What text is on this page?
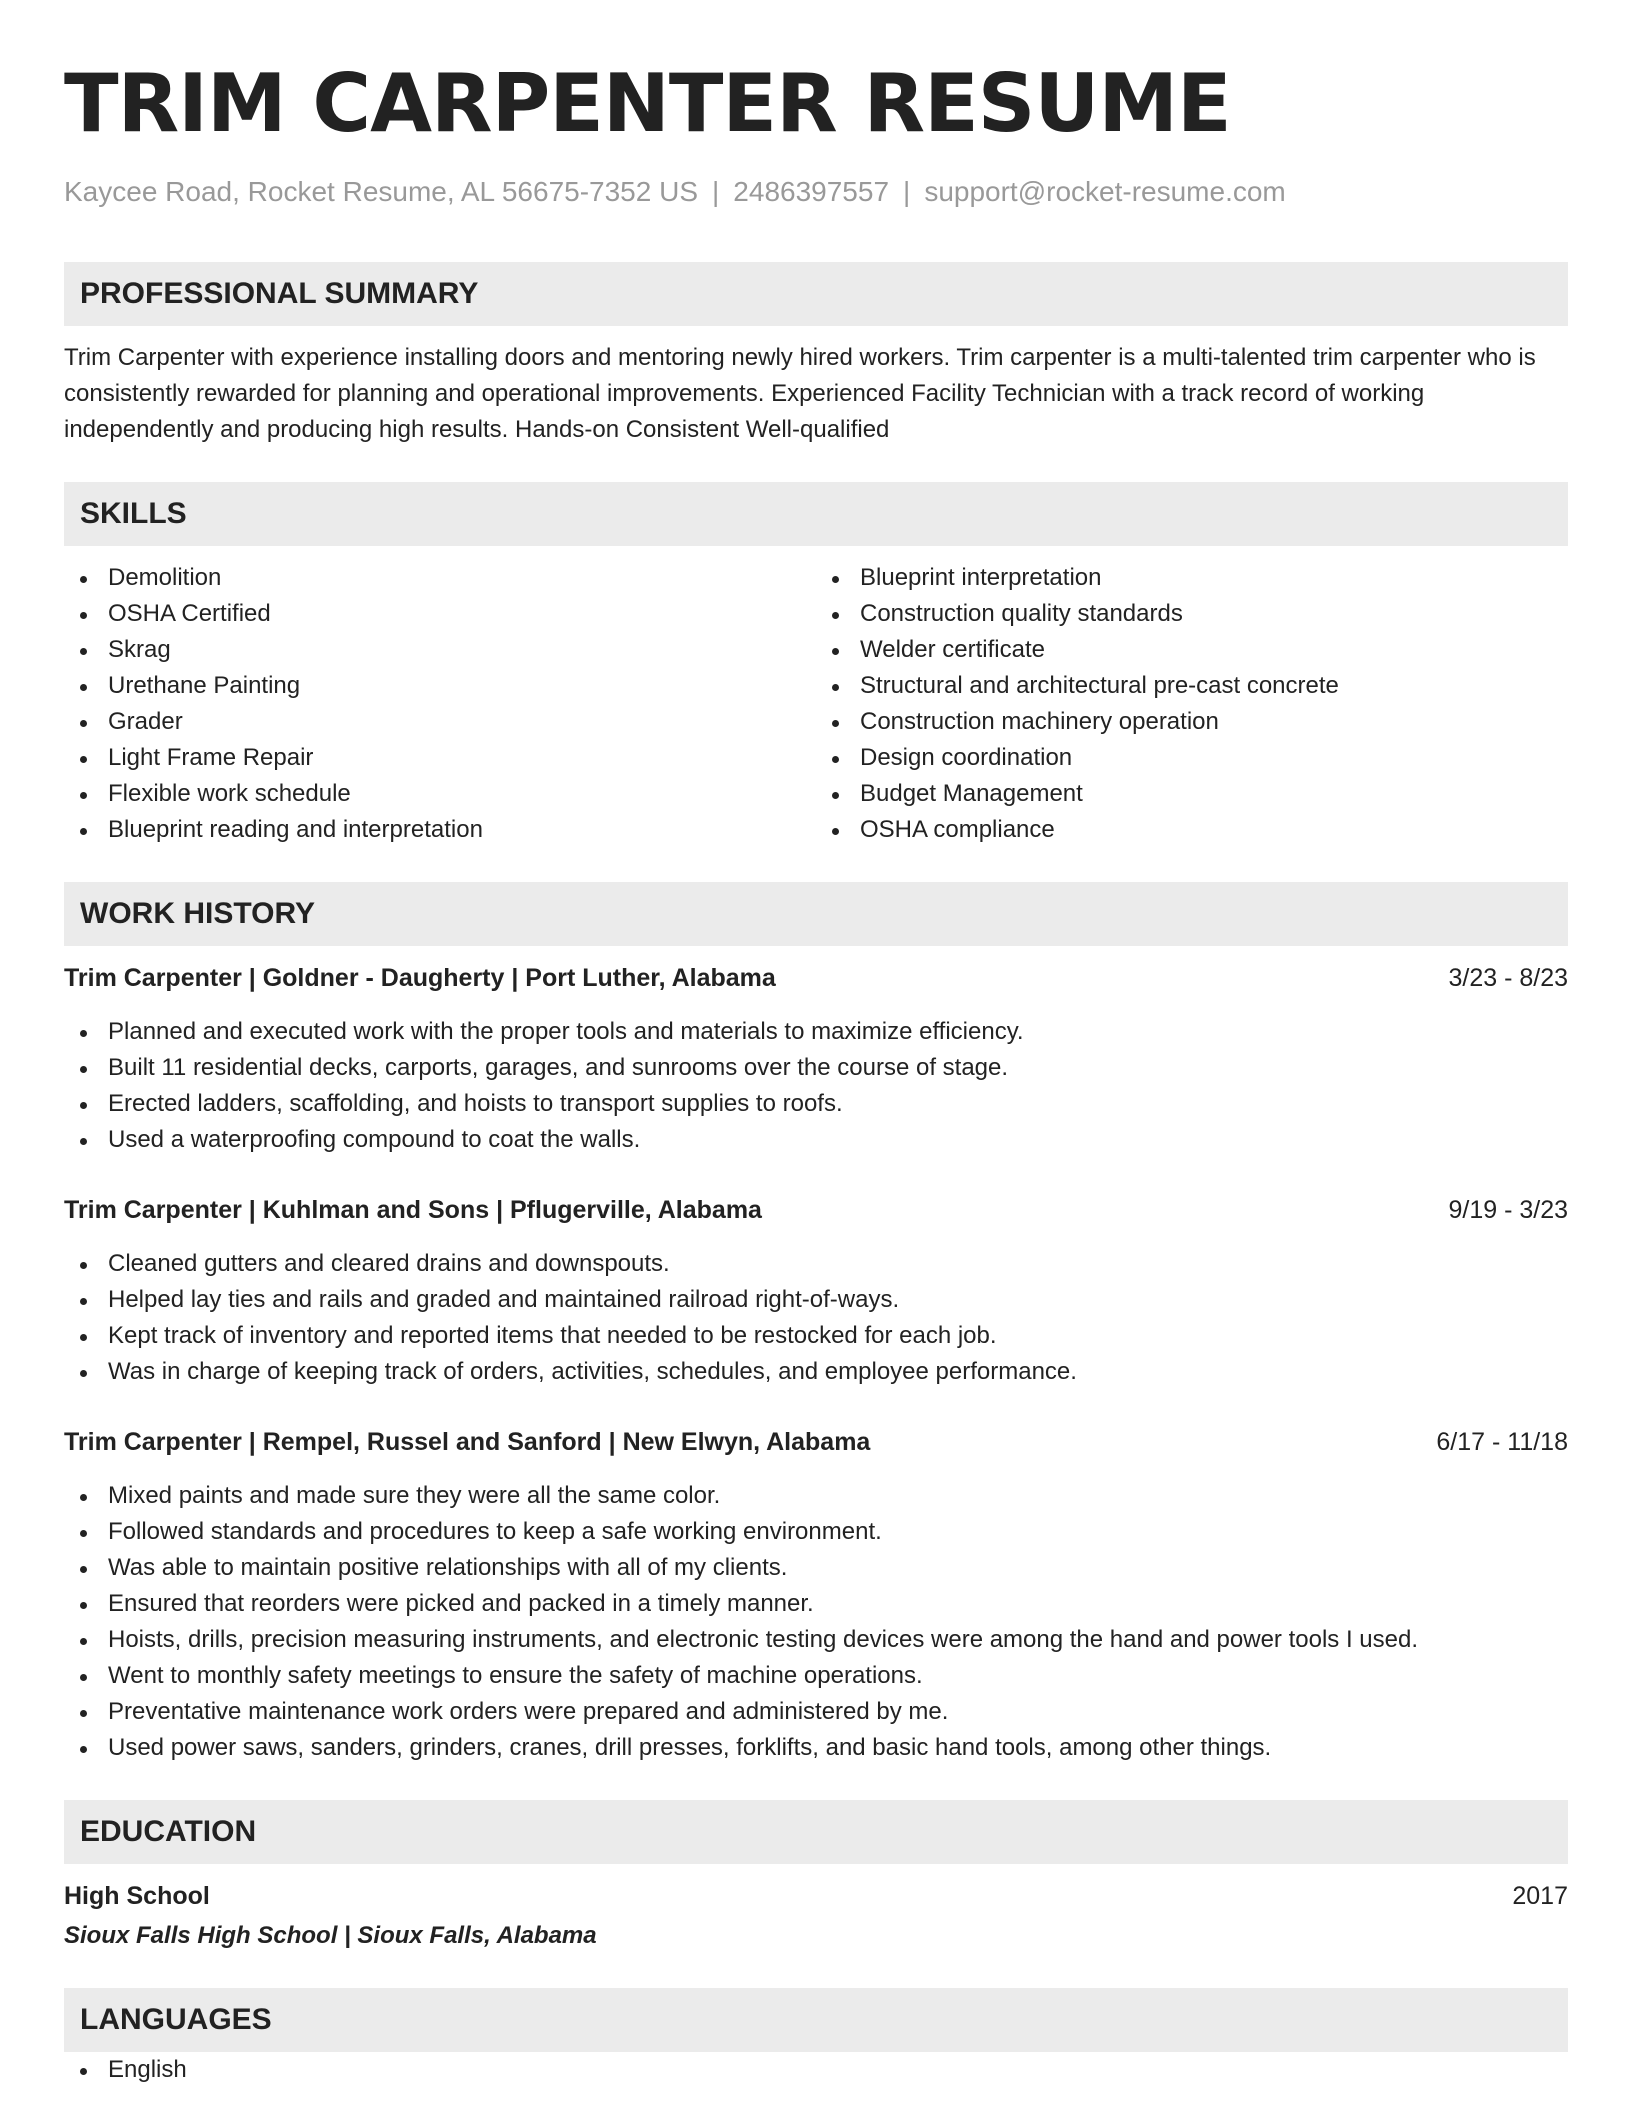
TRIM CARPENTER RESUME
Kaycee Road, Rocket Resume, AL 56675-7352 US | 2486397557 | support@rocket-resume.com
PROFESSIONAL SUMMARY
Trim Carpenter with experience installing doors and mentoring newly hired workers. Trim carpenter is a multi-talented trim carpenter who is consistently rewarded for planning and operational improvements. Experienced Facility Technician with a track record of working independently and producing high results. Hands-on Consistent Well-qualified
SKILLS
Demolition
OSHA Certified
Skrag
Urethane Painting
Grader
Light Frame Repair
Flexible work schedule
Blueprint reading and interpretation
Blueprint interpretation
Construction quality standards
Welder certificate
Structural and architectural pre-cast concrete
Construction machinery operation
Design coordination
Budget Management
OSHA compliance
WORK HISTORY
Trim Carpenter | Goldner - Daugherty | Port Luther, Alabama	3/23 - 8/23
Planned and executed work with the proper tools and materials to maximize efficiency.
Built 11 residential decks, carports, garages, and sunrooms over the course of stage.
Erected ladders, scaffolding, and hoists to transport supplies to roofs.
Used a waterproofing compound to coat the walls.
Trim Carpenter | Kuhlman and Sons | Pflugerville, Alabama	9/19 - 3/23
Cleaned gutters and cleared drains and downspouts.
Helped lay ties and rails and graded and maintained railroad right-of-ways.
Kept track of inventory and reported items that needed to be restocked for each job.
Was in charge of keeping track of orders, activities, schedules, and employee performance.
Trim Carpenter | Rempel, Russel and Sanford | New Elwyn, Alabama	6/17 - 11/18
Mixed paints and made sure they were all the same color.
Followed standards and procedures to keep a safe working environment.
Was able to maintain positive relationships with all of my clients.
Ensured that reorders were picked and packed in a timely manner.
Hoists, drills, precision measuring instruments, and electronic testing devices were among the hand and power tools I used.
Went to monthly safety meetings to ensure the safety of machine operations.
Preventative maintenance work orders were prepared and administered by me.
Used power saws, sanders, grinders, cranes, drill presses, forklifts, and basic hand tools, among other things.
EDUCATION
High School	2017
Sioux Falls High School | Sioux Falls, Alabama
LANGUAGES
English
